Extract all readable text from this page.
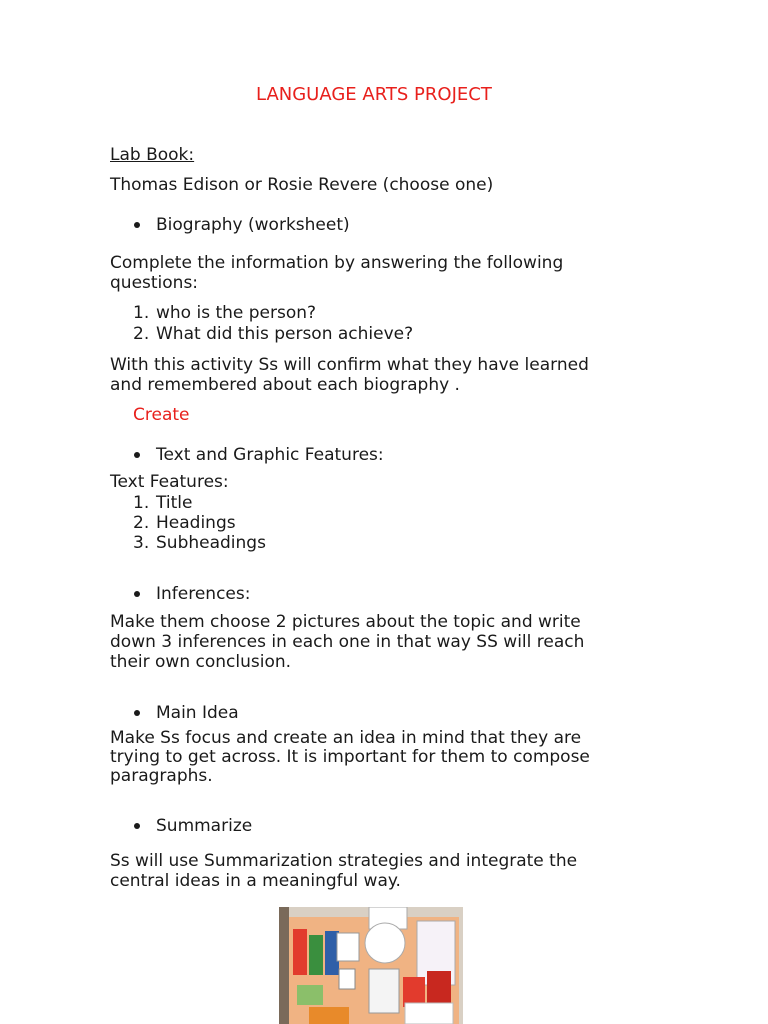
LANGUAGE ARTS PROJECT
Lab Book:
Thomas Edison or Rosie Revere (choose one)
Biography (worksheet)
Complete the information by answering the following
questions:
1. who is the person?
2. What did this person achieve?
With this activity Ss will confirm what they have learned
and remembered about each biography .
Create
Text and Graphic Features:
Text Features:
1. Title
2. Headings
3. Subheadings
Inferences:
Make them choose 2 pictures about the topic and write
down 3 inferences in each one in that way SS will reach
their own conclusion.
Main Idea
Make Ss focus and create an idea in mind that they are
trying to get across. It is important for them to compose
paragraphs.
Summarize
Ss will use Summarization strategies and integrate the
central ideas in a meaningful way.
